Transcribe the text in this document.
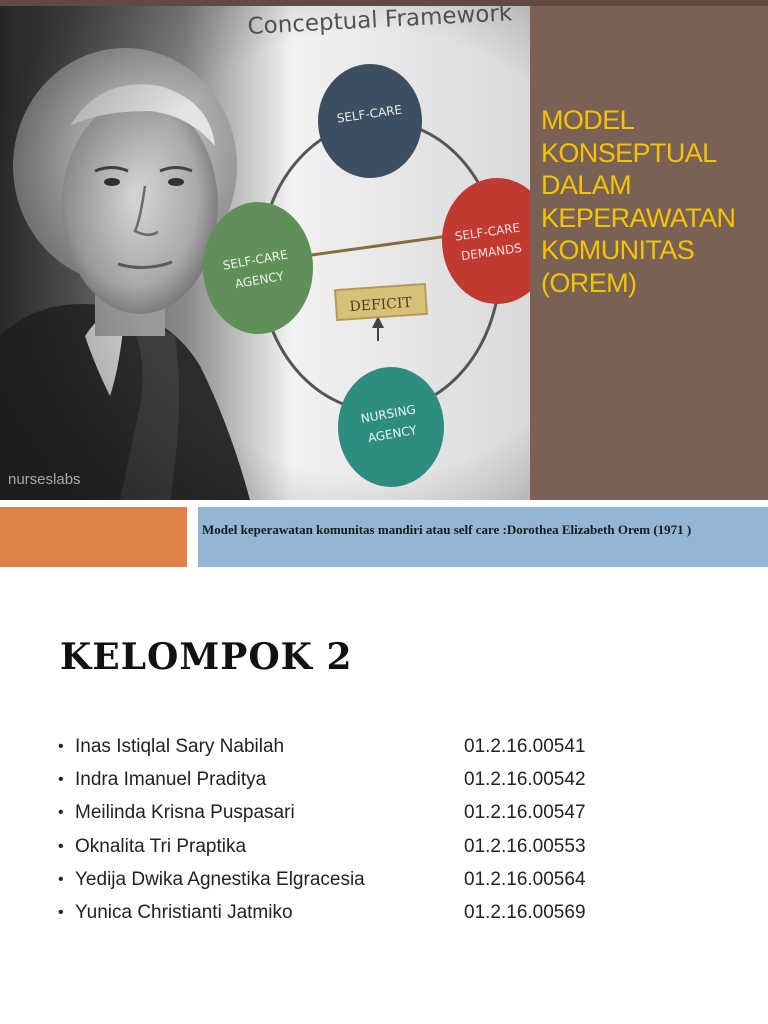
MODEL
KONSEPTUAL
DALAM
KEPERAWATAN
KOMUNITAS
(OREM)
Model keperawatan komunitas mandiri atau self care :Dorothea Elizabeth Orem (1971 )
KELOMPOK 2
• Inas Istiqlal Sary Nabilah	01.2.16.00541
• Indra Imanuel Praditya	01.2.16.00542
• Meilinda Krisna Puspasari	01.2.16.00547
• Oknalita Tri Praptika	01.2.16.00553
• Yedija Dwika Agnestika Elgracesia	01.2.16.00564
• Yunica Christianti Jatmiko	01.2.16.00569
